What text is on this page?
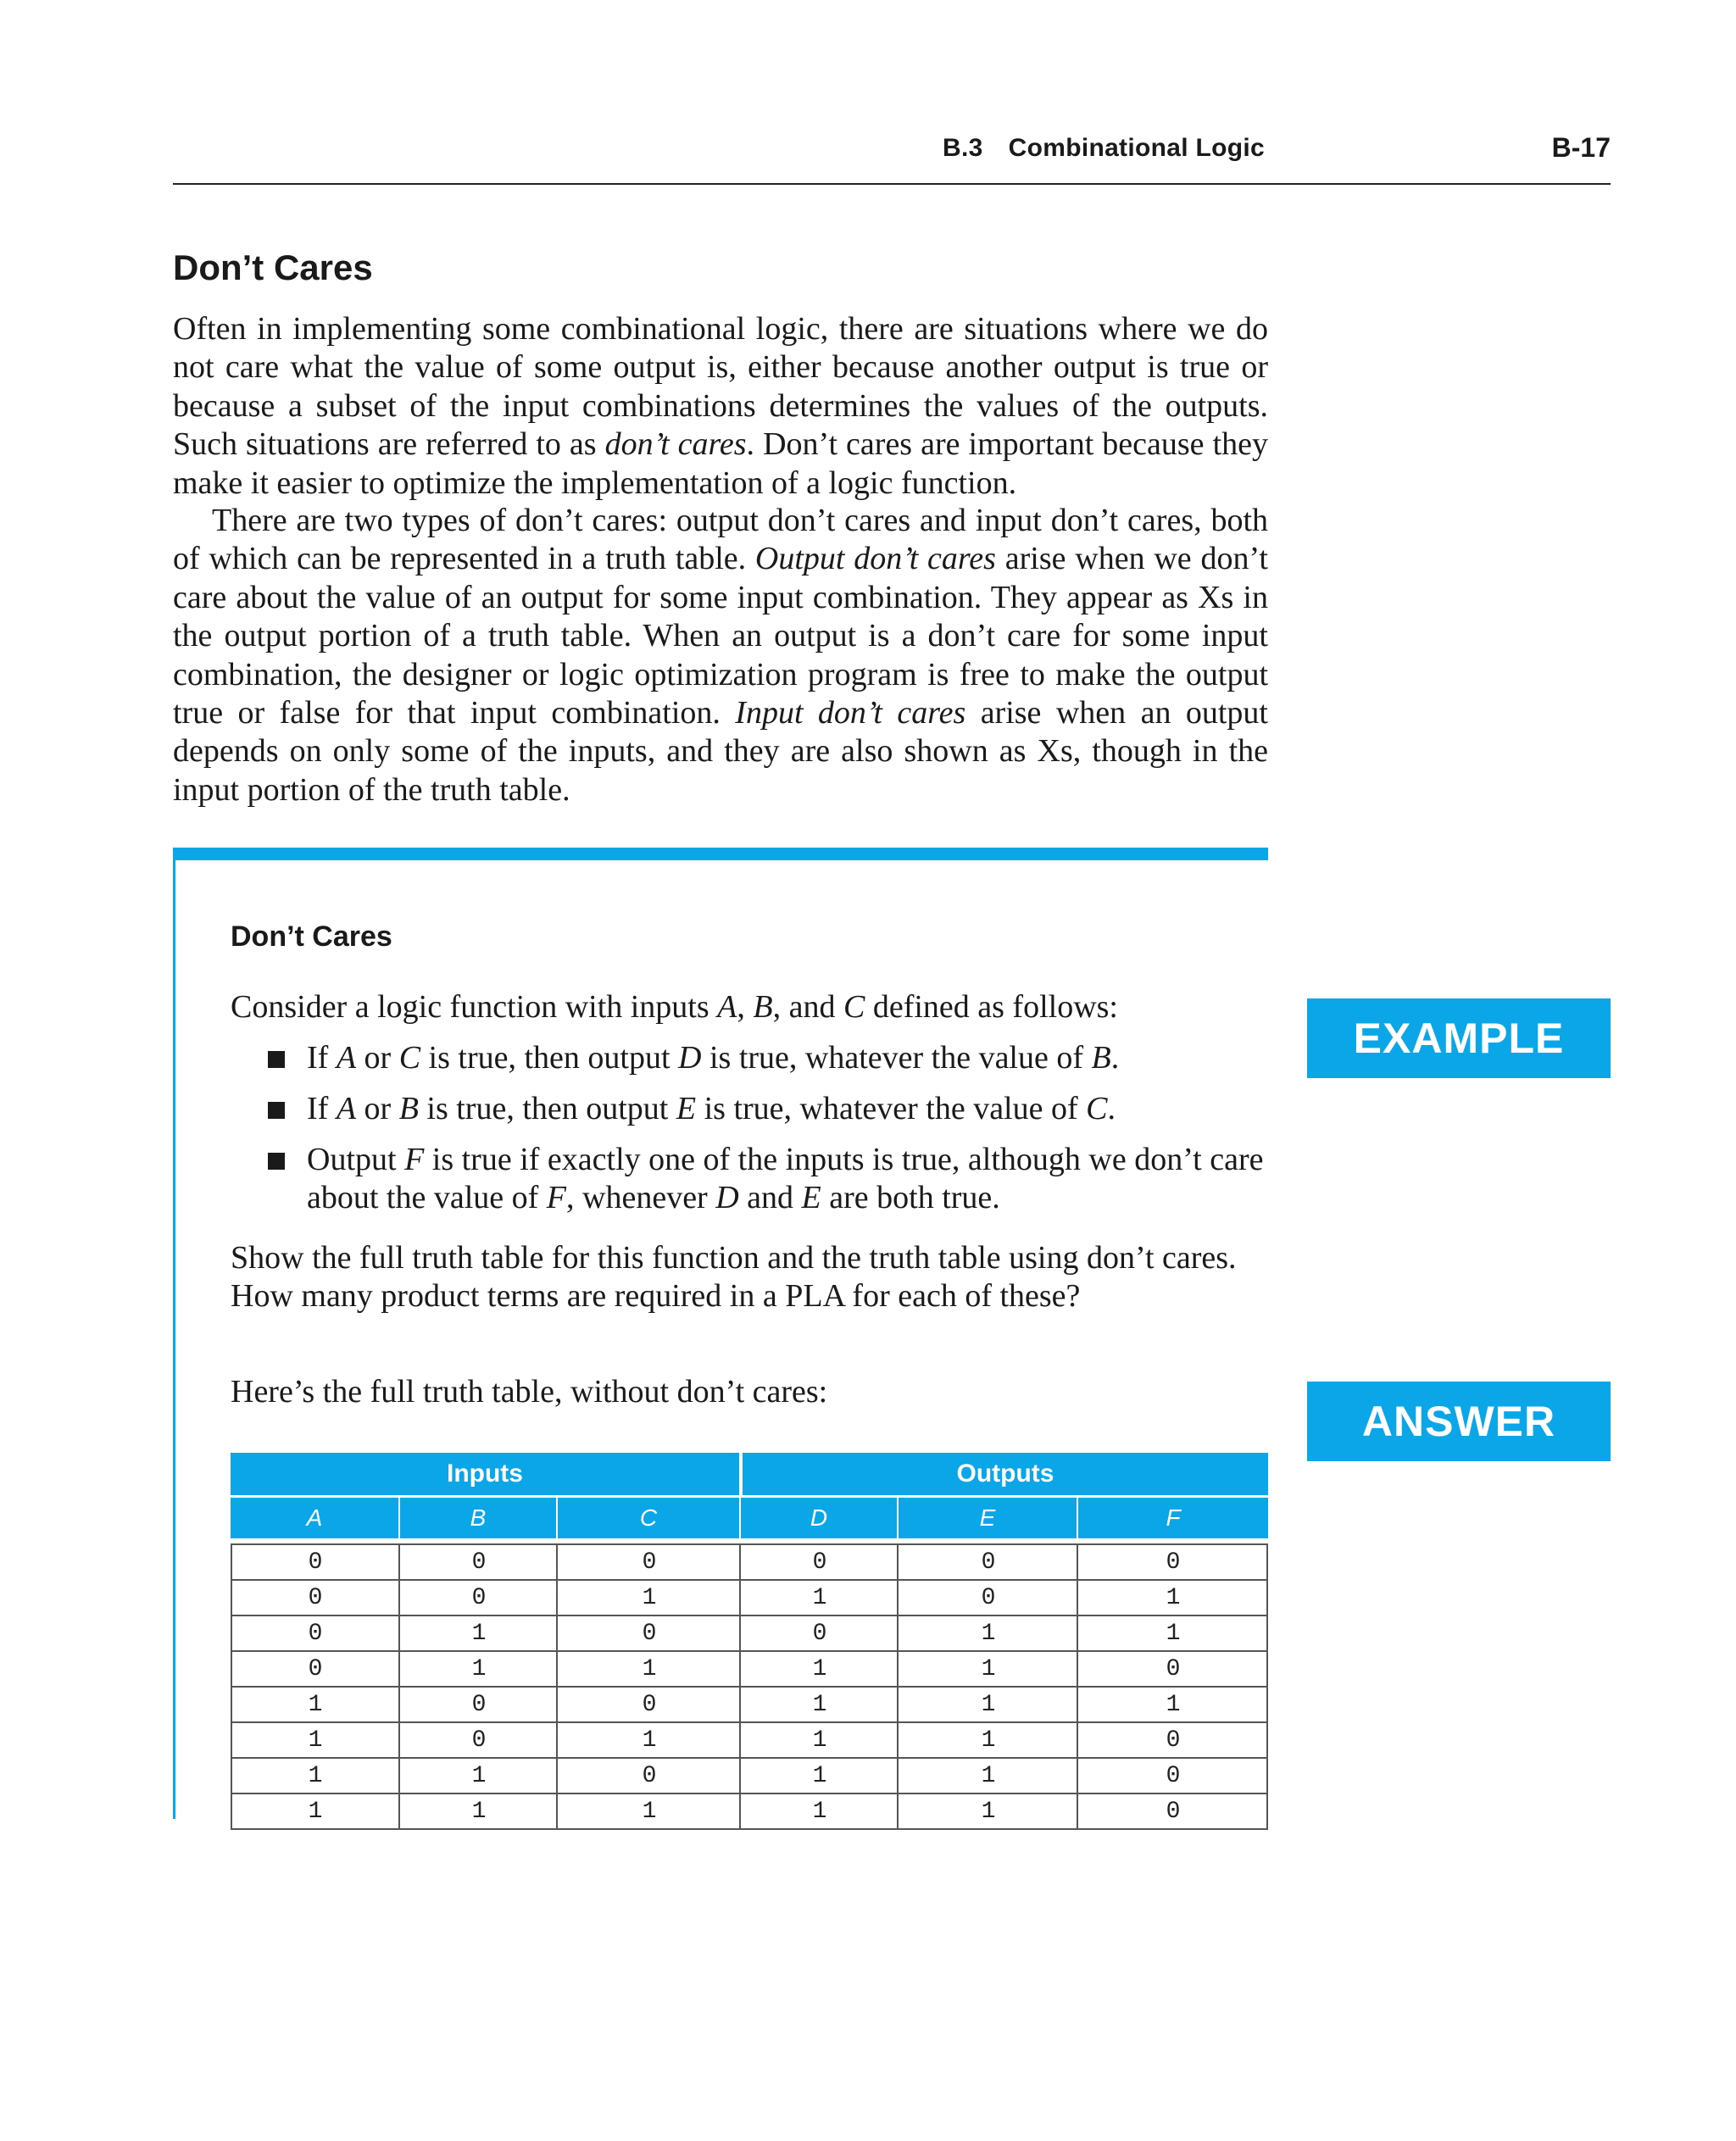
B.3 Combinational Logic	B-17
Don’t Cares
Often in implementing some combinational logic, there are situations where we do not care what the value of some output is, either because another output is true or because a subset of the input combinations determines the values of the outputs. Such situations are referred to as don’t cares. Don’t cares are important because they make it easier to optimize the implementation of a logic function.
There are two types of don’t cares: output don’t cares and input don’t cares, both of which can be represented in a truth table. Output don’t cares arise when we don’t care about the value of an output for some input combination. They appear as Xs in the output portion of a truth table. When an output is a don’t care for some input combination, the designer or logic optimization program is free to make the output true or false for that input combination. Input don’t cares arise when an output depends on only some of the inputs, and they are also shown as Xs, though in the input portion of the truth table.
Don’t Cares
Consider a logic function with inputs A, B, and C defined as follows:
If A or C is true, then output D is true, whatever the value of B.
If A or B is true, then output E is true, whatever the value of C.
Output F is true if exactly one of the inputs is true, although we don’t care about the value of F, whenever D and E are both true.
Show the full truth table for this function and the truth table using don’t cares. How many product terms are required in a PLA for each of these?
EXAMPLE
ANSWER
Here’s the full truth table, without don’t cares:
Inputs	Outputs
A	B	C	D	E	F
0	0	0	0	0	0
0	0	1	1	0	1
0	1	0	0	1	1
0	1	1	1	1	0
1	0	0	1	1	1
1	0	1	1	1	0
1	1	0	1	1	0
1	1	1	1	1	0
